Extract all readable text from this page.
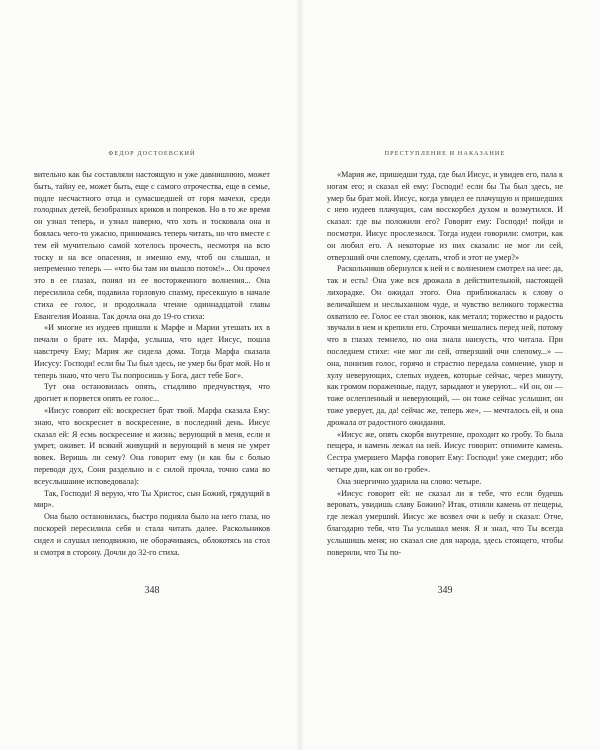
ФЕДОР ДОСТОЕВСКИЙ

вительно как бы составляли настоящую и уже давнишнюю, может быть, тайну ее, может быть, еще с самого отрочества, еще в семье, подле несчастного отца и сумасшедшей от горя мачехи, среди голодных детей, безобразных криков и попреков. Но в то же время он узнал теперь, и узнал наверно, что хоть и тосковала она и боялась чего-то ужасно, принимаясь теперь читать, но что вместе с тем ей мучительно самой хотелось прочесть, несмотря на всю тоску и на все опасения, и именно ему, чтоб он слышал, и непременно теперь — «что бы там ни вышло потом!»... Он прочел это в ее глазах, понял из ее восторженного волнения... Она пересилила себя, подавила горловую спазму, пресекшую в начале стиха ее голос, и продолжала чтение одиннадцатой главы Евангелия Иоанна. Так дочла она до 19-го стиха:

«И многие из иудеев пришли к Марфе и Марии утешать их в печали о брате их. Марфа, услыша, что идет Иисус, пошла навстречу Ему; Мария же сидела дома. Тогда Марфа сказала Иисусу: Господи! если бы Ты был здесь, не умер бы брат мой. Но и теперь знаю, что чего Ты попросишь у Бога, даст тебе Бог».

Тут она остановилась опять, стыдливо предчувствуя, что дрогнет и порвется опять ее голос...

«Иисус говорит ей: воскреснет брат твой. Марфа сказала Ему: знаю, что воскреснет в воскресение, в последний день. Иисус сказал ей: Я есмь воскресение и жизнь; верующий в меня, если и умрет, оживет. И всякий живущий и верующий в меня не умрет вовек. Веришь ли сему? Она говорит ему (и как бы с болью переводя дух, Соня раздельно и с силой прочла, точно сама во всеуслышание исповедовала):

Так, Господи! Я верую, что Ты Христос, сын Божий, грядущий в мир».

Она было остановилась, быстро подняла было на него глаза, но поскорей пересилила себя и стала читать далее. Раскольников сидел и слушал неподвижно, не оборачиваясь, облокотясь на стол и смотря в сторону. Дочли до 32-го стиха.

348
ПРЕСТУПЛЕНИЕ И НАКАЗАНИЕ

«Мария же, пришедши туда, где был Иисус, и увидев его, пала к ногам его; и сказал ей ему: Господи! если бы Ты был здесь, не умер бы брат мой. Иисус, когда увидел ее плачущую и пришедших с нею иудеев плачущих, сам восскорбел духом и возмутился. И сказал: где вы положили его? Говорят ему: Господи! пойди и посмотри. Иисус прослезился. Тогда иудеи говорили: смотри, как он любил его. А некоторые из них сказали: не мог ли сей, отверзший очи слепому, сделать, чтоб и этот не умер?»

Раскольников обернулся к ней и с волнением смотрел на нее: да, так и есть! Она уже вся дрожала в действительной, настоящей лихорадке. Он ожидал этого. Она приближалась к слову о величайшем и неслыханном чуде, и чувство великого торжества охватило ее. Голос ее стал звонок, как металл; торжество и радость звучали в нем и крепили его. Строчки мешались перед ней, потому что в глазах темнело, но она знала наизусть, что читала. При последнем стихе: «не мог ли сей, отверзший очи слепому...» — она, понизив голос, горячо и страстно передала сомнение, укор и хулу неверующих, слепых иудеев, которые сейчас, через минуту, как громом пораженные, падут, зарыдают и уверуют... «И он, он — тоже ослепленный и неверующий, — он тоже сейчас услышит, он тоже уверует, да, да! сейчас же, теперь же», — мечталось ей, и она дрожала от радостного ожидания.

«Иисус же, опять скорбя внутренне, проходит ко гробу. То была пещера, и камень лежал на ней. Иисус говорит: отнимите камень. Сестра умершего Марфа говорит Ему: Господи! уже смердит; ибо четыре дни, как он во гробе».

Она энергично ударила на слово: четыре.

«Иисус говорит ей: не сказал ли я тебе, что если будешь веровать, увидишь славу Божию? Итак, отняли камень от пещеры, где лежал умерший. Иисус же возвел очи к небу и сказал: Отче, благодарю тебя, что Ты услышал меня. Я и знал, что Ты всегда услышишь меня; но сказал сие для народа, здесь стоящего, чтобы поверили, что Ты по-

349
